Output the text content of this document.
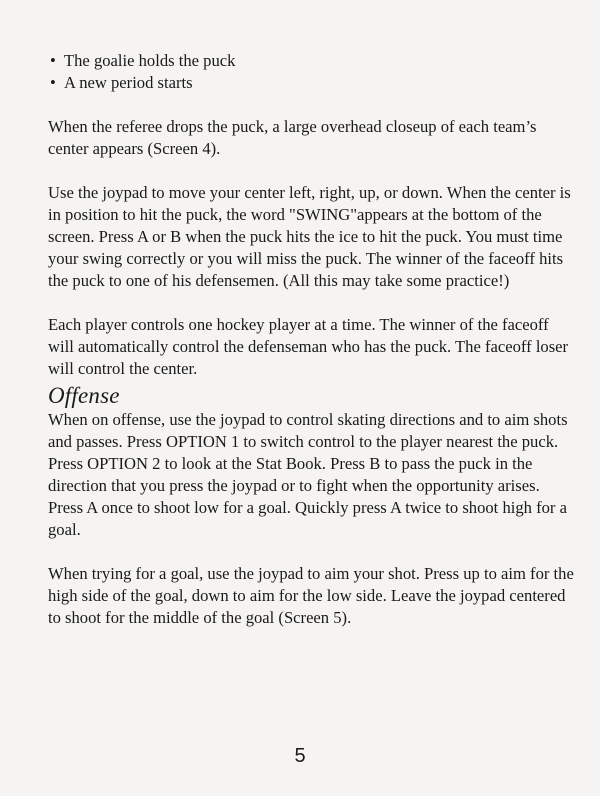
• The goalie holds the puck
• A new period starts

When the referee drops the puck, a large overhead closeup of each team’s center appears (Screen 4).

Use the joypad to move your center left, right, up, or down. When the center is in position to hit the puck, the word "SWING"appears at the bottom of the screen. Press A or B when the puck hits the ice to hit the puck. You must time your swing correctly or you will miss the puck. The winner of the faceoff hits the puck to one of his defensemen. (All this may take some practice!)

Each player controls one hockey player at a time. The winner of the faceoff will automatically control the defenseman who has the puck. The faceoff loser will control the center.

Offense

When on offense, use the joypad to control skating directions and to aim shots and passes. Press OPTION 1 to switch control to the player nearest the puck. Press OPTION 2 to look at the Stat Book. Press B to pass the puck in the direction that you press the joypad or to fight when the opportunity arises. Press A once to shoot low for a goal. Quickly press A twice to shoot high for a goal.

When trying for a goal, use the joypad to aim your shot. Press up to aim for the high side of the goal, down to aim for the low side. Leave the joypad centered to shoot for the middle of the goal (Screen 5).

5
